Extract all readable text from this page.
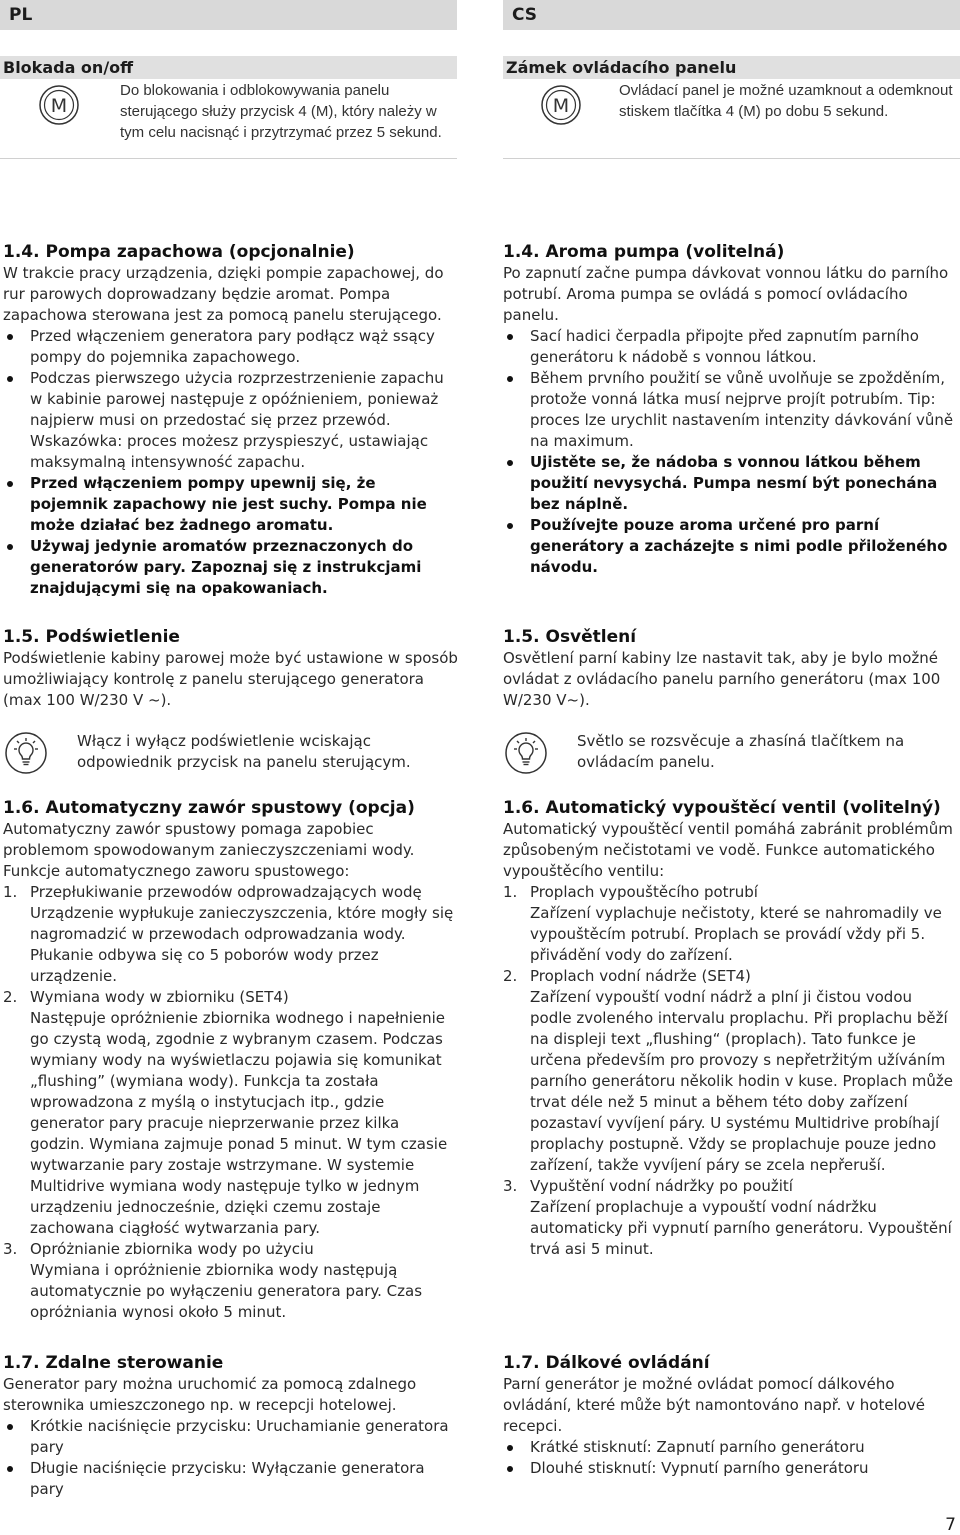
PL	CS
Blokada on/off	Zámek ovládacího panelu
M	M
Do blokowania i odblokowywania panelu sterującego służy przycisk 4 (M), który należy w tym celu nacisnąć i przytrzymać przez 5 sekund.
Ovládací panel je možné uzamknout a odemknout stiskem tlačítka 4 (M) po dobu 5 sekund.

1.4. Pompa zapachowa (opcjonalnie)

W trakcie pracy urządzenia, dzięki pompie zapachowej, do rur parowych doprowadzany będzie aromat. Pompa zapachowa sterowana jest za pomocą panelu sterującego.

Przed włączeniem generatora pary podłącz wąż ssący pompy do pojemnika zapachowego.
Podczas pierwszego użycia rozprzestrzenienie zapachu w kabinie parowej następuje z opóźnieniem, ponieważ najpierw musi on przedostać się przez przewód. Wskazówka: proces możesz przyspieszyć, ustawiając maksymalną intensywność zapachu.
Przed włączeniem pompy upewnij się, że pojemnik zapachowy nie jest suchy. Pompa nie może działać bez żadnego aromatu.
Używaj jedynie aromatów przeznaczonych do generatorów pary. Zapoznaj się z instrukcjami znajdującymi się na opakowaniach.

1.5. Podświetlenie

Podświetlenie kabiny parowej może być ustawione w sposób umożliwiający kontrolę z panelu sterującego generatora (max 100 W/230 V ~).

Włącz i wyłącz podświetlenie wciskając odpowiednik przycisk na panelu sterującym.

1.6. Automatyczny zawór spustowy (opcja)

Automatyczny zawór spustowy pomaga zapobiec problemom spowodowanym zanieczyszczeniami wody. Funkcje automatycznego zaworu spustowego:

1. Przepłukiwanie przewodów odprowadzających wodę

Urządzenie wypłukuje zanieczyszczenia, które mogły się nagromadzić w przewodach odprowadzania wody. Płukanie odbywa się co 5 poborów wody przez urządzenie.

2. Wymiana wody w zbiorniku (SET4)

Następuje opróżnienie zbiornika wodnego i napełnienie go czystą wodą, zgodnie z wybranym czasem. Podczas wymiany wody na wyświetlaczu pojawia się komunikat „flushing” (wymiana wody). Funkcja ta została wprowadzona z myślą o instytucjach itp., gdzie generator pary pracuje nieprzerwanie przez kilka godzin. Wymiana zajmuje ponad 5 minut. W tym czasie wytwarzanie pary zostaje wstrzymane. W systemie Multidrive wymiana wody następuje tylko w jednym urządzeniu jednocześnie, dzięki czemu zostaje zachowana ciągłość wytwarzania pary.

3. Opróżnianie zbiornika wody po użyciu

Wymiana i opróżnienie zbiornika wody następują automatycznie po wyłączeniu generatora pary. Czas opróżniania wynosi około 5 minut.

1.7. Zdalne sterowanie

Generator pary można uruchomić za pomocą zdalnego sterownika umieszczonego np. w recepcji hotelowej.

Krótkie naciśnięcie przycisku: Uruchamianie generatora pary
Długie naciśnięcie przycisku: Wyłączanie generatora pary

1.4. Aroma pumpa (volitelná)

Po zapnutí začne pumpa dávkovat vonnou látku do parního potrubí. Aroma pumpa se ovládá s pomocí ovládacího panelu.

Sací hadici čerpadla připojte před zapnutím parního generátoru k nádobě s vonnou látkou.
Během prvního použití se vůně uvolňuje se zpožděním, protože vonná látka musí nejprve projít potrubím. Tip: proces lze urychlit nastavením intenzity dávkování vůně na maximum.
Ujistěte se, že nádoba s vonnou látkou během použití nevysychá. Pumpa nesmí být ponechána bez náplně.
Používejte pouze aroma určené pro parní generátory a zacházejte s nimi podle přiloženého návodu.

1.5. Osvětlení

Osvětlení parní kabiny lze nastavit tak, aby je bylo možné ovládat z ovládacího panelu parního generátoru (max 100 W/230 V~).

Světlo se rozsvěcuje a zhasíná tlačítkem na ovládacím panelu.

1.6. Automatický vypouštěcí ventil (volitelný)

Automatický vypouštěcí ventil pomáhá zabránit problémům způsobeným nečistotami ve vodě. Funkce automatického vypouštěcího ventilu:

1. Proplach vypouštěcího potrubí

Zařízení vyplachuje nečistoty, které se nahromadily ve vypouštěcím potrubí. Proplach se provádí vždy při 5. přivádění vody do zařízení.

2. Proplach vodní nádrže (SET4)

Zařízení vypouští vodní nádrž a plní ji čistou vodou podle zvoleného intervalu proplachu. Při proplachu běží na displeji text „flushing“ (proplach). Tato funkce je určena především pro provozy s nepřetržitým užíváním parního generátoru několik hodin v kuse. Proplach může trvat déle než 5 minut a během této doby zařízení pozastaví vyvíjení páry. U systému Multidrive probíhají proplachy postupně. Vždy se proplachuje pouze jedno zařízení, takže vyvíjení páry se zcela nepřeruší.

3. Vypuštění vodní nádržky po použití

Zařízení proplachuje a vypouští vodní nádržku automaticky při vypnutí parního generátoru. Vypouštění trvá asi 5 minut.

1.7. Dálkové ovládání

Parní generátor je možné ovládat pomocí dálkového ovládání, které může být namontováno např. v hotelové recepci.

Krátké stisknutí: Zapnutí parního generátoru
Dlouhé stisknutí: Vypnutí parního generátoru
7
